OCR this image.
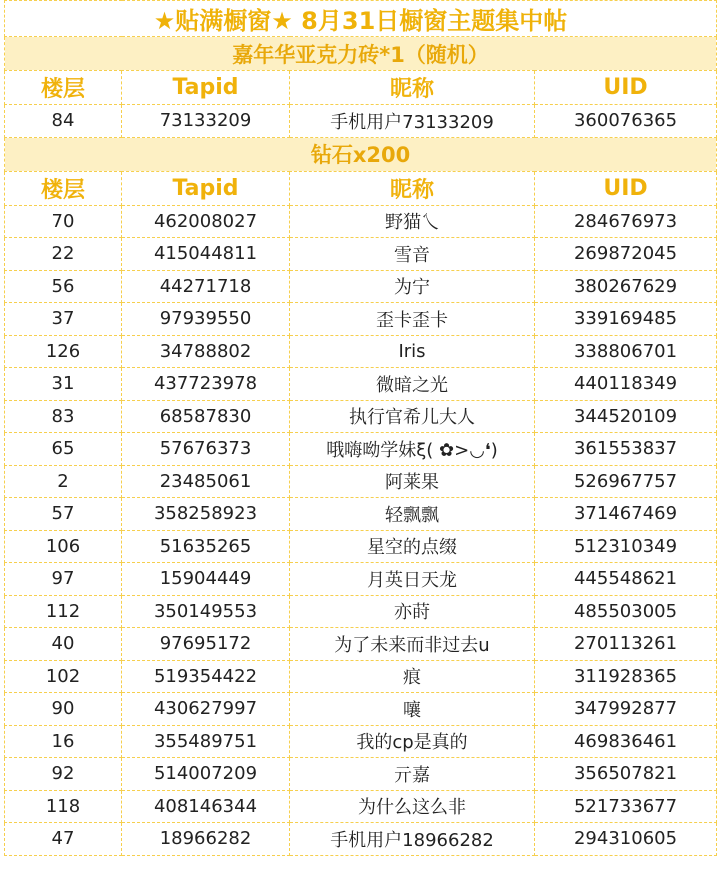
★贴满橱窗★ 8月31日橱窗主题集中帖			
嘉年华亚克力砖*1（随机）			
楼层	Tapid	昵称	UID
84	73133209	手机用户73133209	360076365
钻石x200			
楼层	Tapid	昵称	UID
70	462008027	野猫乀	284676973
22	415044811	雪音	269872045
56	44271718	为宁	380267629
37	97939550	歪卡歪卡	339169485
126	34788802	Iris	338806701
31	437723978	微暗之光	440118349
83	68587830	执行官希儿大人	344520109
65	57676373	哦嗨呦学妹ξ( ✿>◡❛)	361553837
2	23485061	阿莱果	526967757
57	358258923	轻飘飘	371467469
106	51635265	星空的点缀	512310349
97	15904449	月英日天龙	445548621
112	350149553	亦莳	485503005
40	97695172	为了未来而非过去u	270113261
102	519354422	痕	311928365
90	430627997	嚷	347992877
16	355489751	我的cp是真的	469836461
92	514007209	亓嘉	356507821
118	408146344	为什么这么非	521733677
47	18966282	手机用户18966282	294310605
